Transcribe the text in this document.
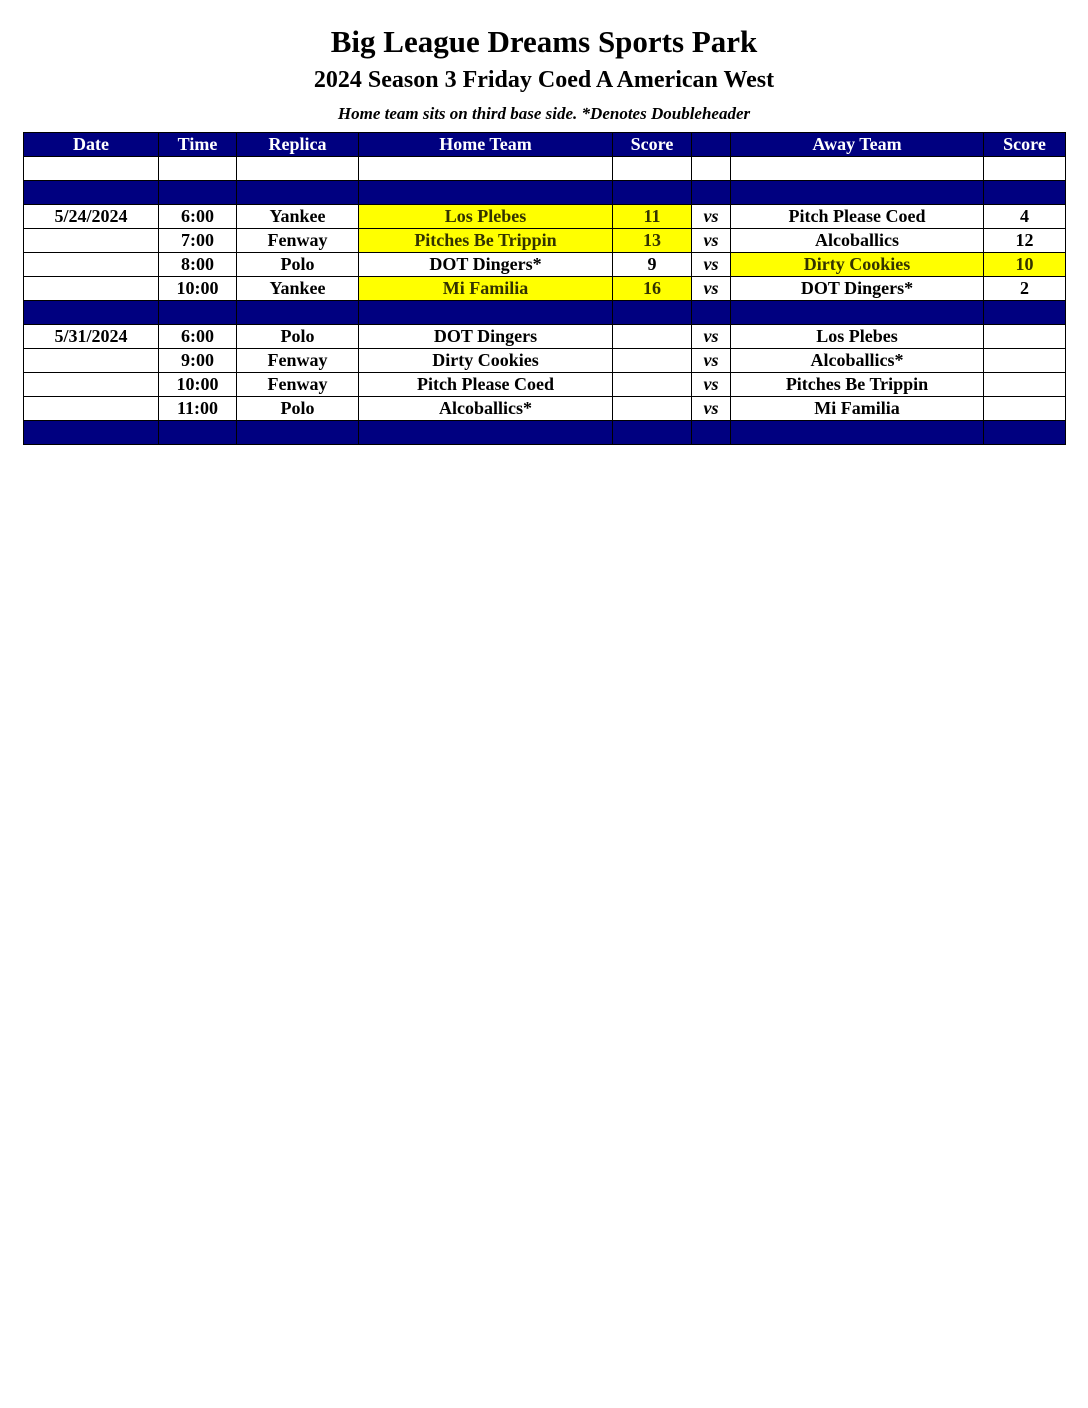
Big League Dreams Sports Park
2024 Season 3 Friday Coed A American West
Home team sits on third base side. *Denotes Doubleheader
Date	Time	Replica	Home Team	Score		Away Team	Score

5/24/2024	6:00	Yankee	Los Plebes	11	vs	Pitch Please Coed	4
	7:00	Fenway	Pitches Be Trippin	13	vs	Alcoballics	12
	8:00	Polo	DOT Dingers*	9	vs	Dirty Cookies	10
	10:00	Yankee	Mi Familia	16	vs	DOT Dingers*	2

5/31/2024	6:00	Polo	DOT Dingers		vs	Los Plebes	
	9:00	Fenway	Dirty Cookies		vs	Alcoballics*	
	10:00	Fenway	Pitch Please Coed		vs	Pitches Be Trippin	
	11:00	Polo	Alcoballics*		vs	Mi Familia	
